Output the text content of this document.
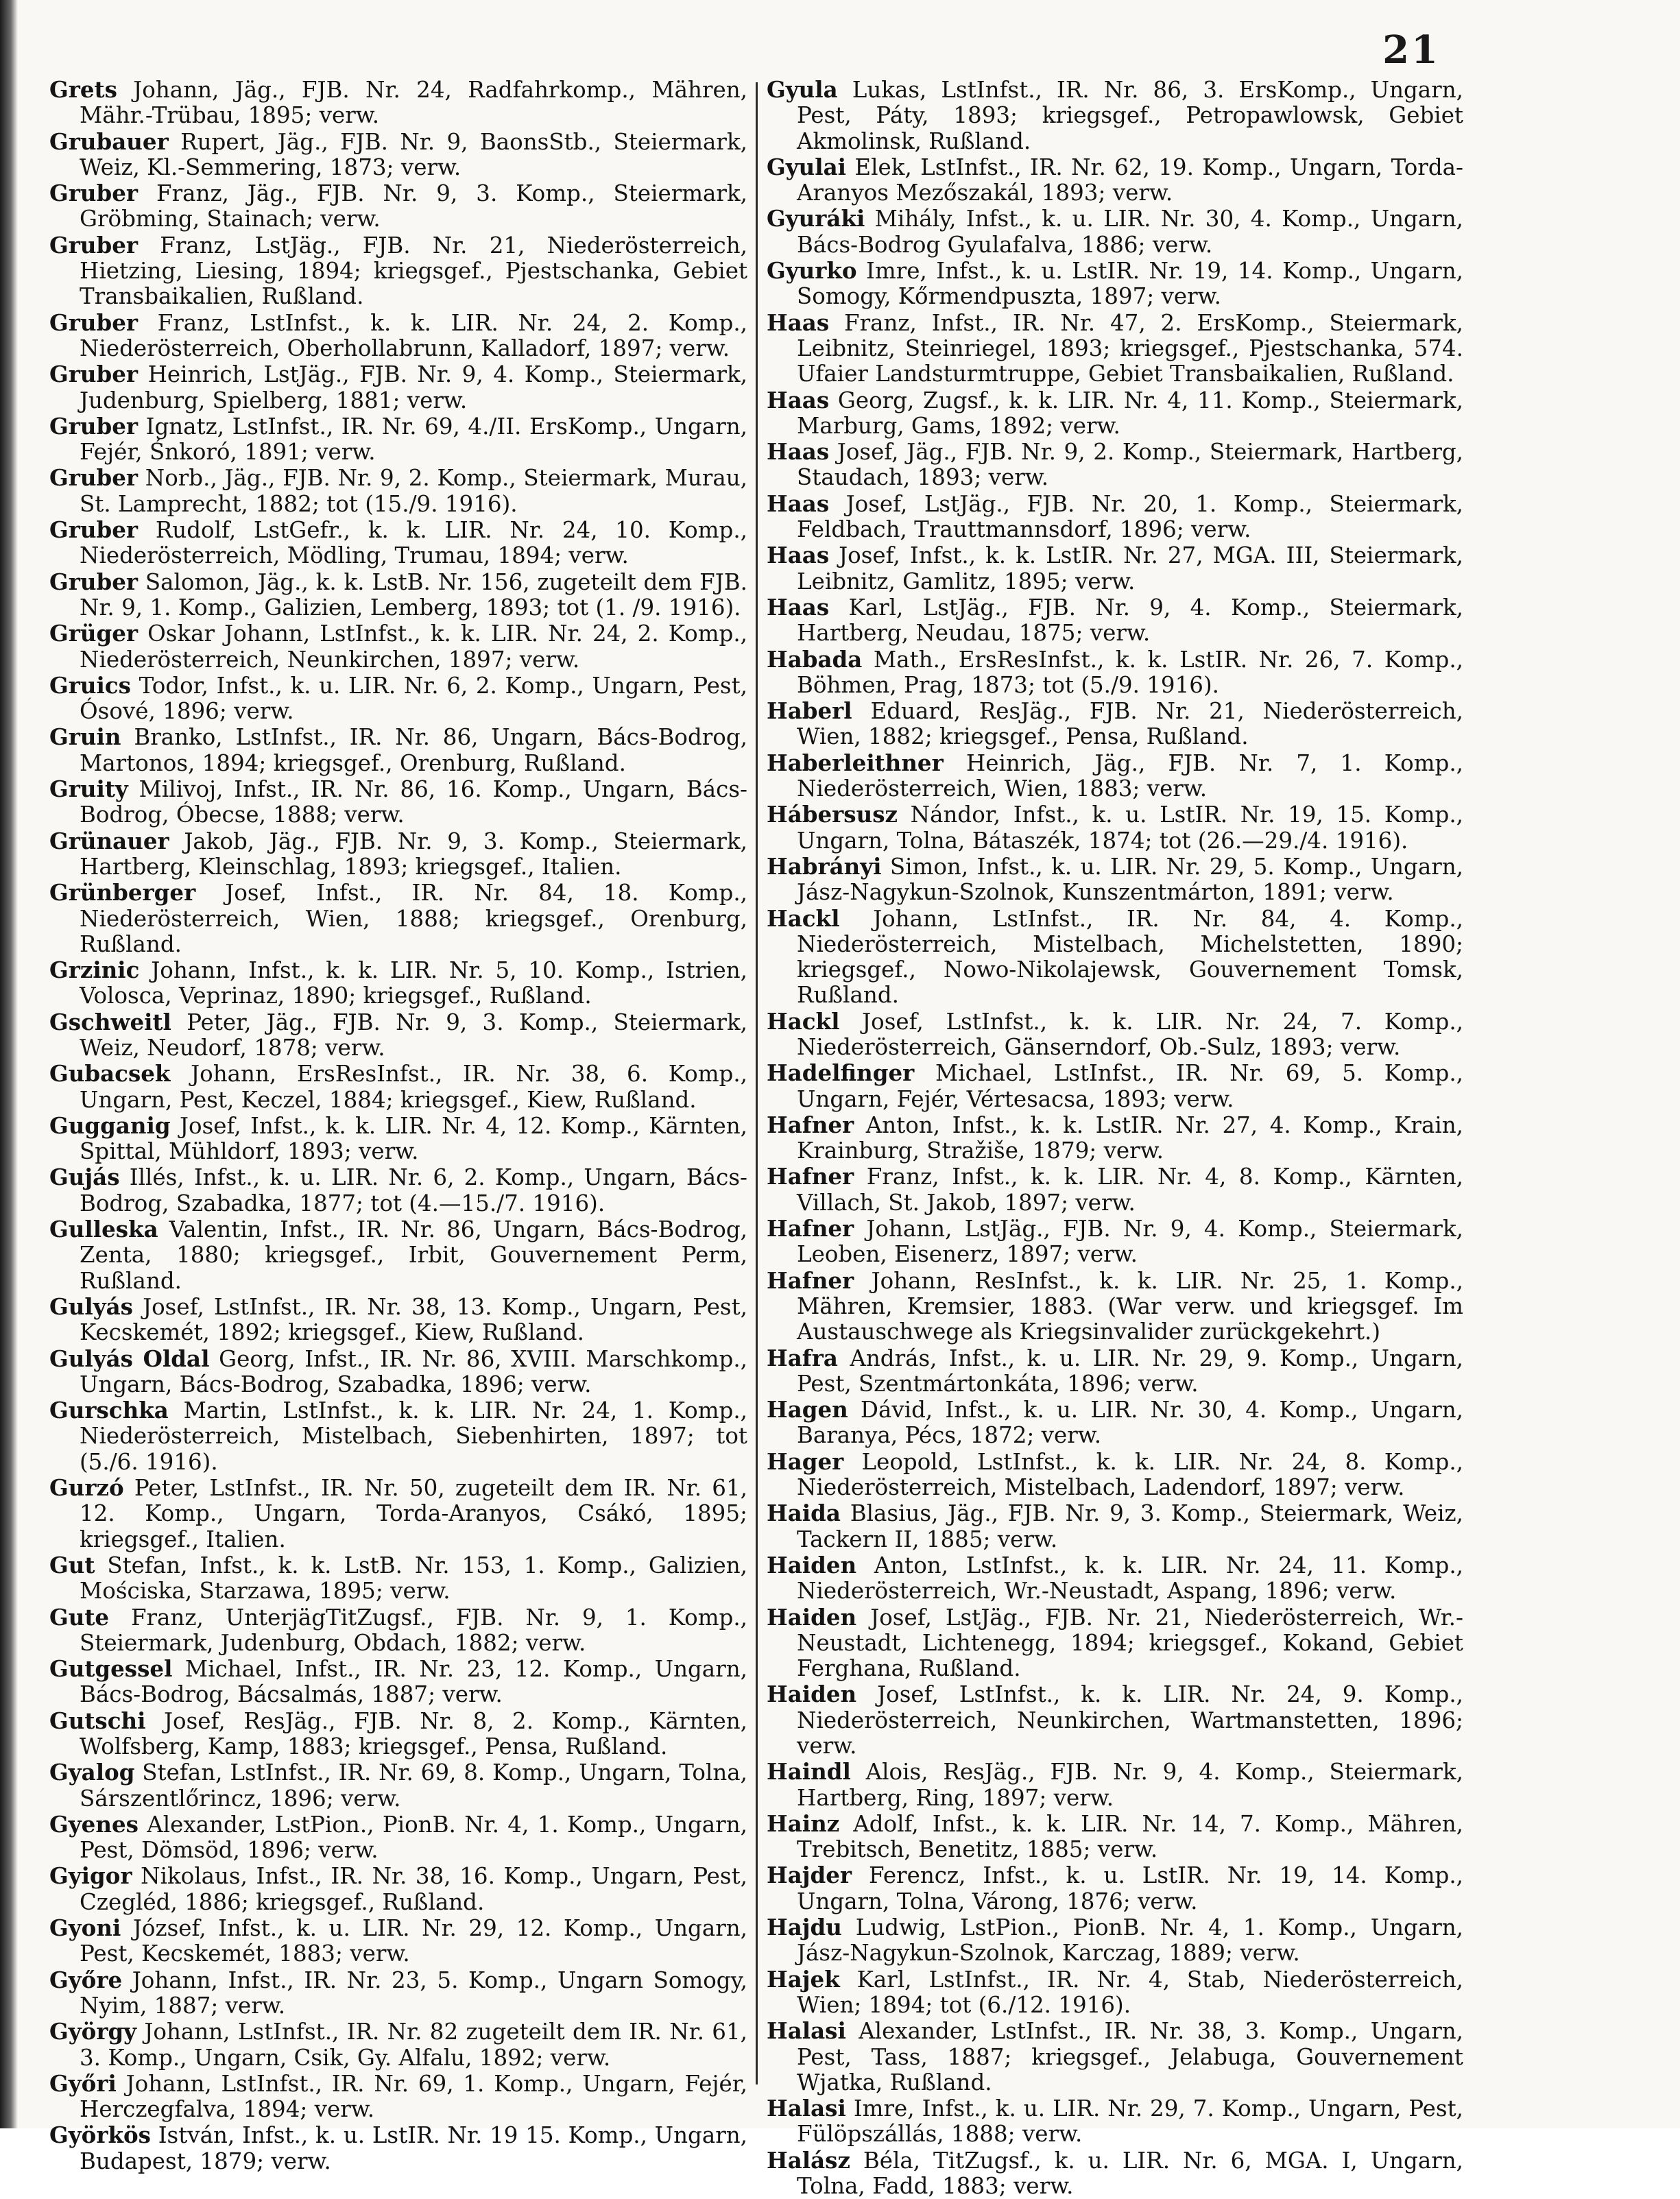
21

Grets Johann, Jäg., FJB. Nr. 24, Radfahrkomp., Mähren, Mähr.-Trübau, 1895; verw.

Grubauer Rupert, Jäg., FJB. Nr. 9, BaonsStb., Steiermark, Weiz, Kl.-Semmering, 1873; verw.

Gruber Franz, Jäg., FJB. Nr. 9, 3. Komp., Steiermark, Gröbming, Stainach; verw.

Gruber Franz, LstJäg., FJB. Nr. 21, Niederösterreich, Hietzing, Liesing, 1894; kriegsgef., Pjestschanka, Gebiet Transbaikalien, Rußland.

Gruber Franz, LstInfst., k. k. LIR. Nr. 24, 2. Komp., Niederösterreich, Oberhollabrunn, Kalladorf, 1897; verw.

Gruber Heinrich, LstJäg., FJB. Nr. 9, 4. Komp., Steiermark, Judenburg, Spielberg, 1881; verw.

Gruber Ignatz, LstInfst., IR. Nr. 69, 4./II. ErsKomp., Ungarn, Fejér, Śnkoró, 1891; verw.

Gruber Norb., Jäg., FJB. Nr. 9, 2. Komp., Steiermark, Murau, St. Lamprecht, 1882; tot (15./9. 1916).

Gruber Rudolf, LstGefr., k. k. LIR. Nr. 24, 10. Komp., Niederösterreich, Mödling, Trumau, 1894; verw.

Gruber Salomon, Jäg., k. k. LstB. Nr. 156, zugeteilt dem FJB. Nr. 9, 1. Komp., Galizien, Lemberg, 1893; tot (1. /9. 1916).

Grüger Oskar Johann, LstInfst., k. k. LIR. Nr. 24, 2. Komp., Niederösterreich, Neunkirchen, 1897; verw.

Gruics Todor, Infst., k. u. LIR. Nr. 6, 2. Komp., Ungarn, Pest, Ósové, 1896; verw.

Gruin Branko, LstInfst., IR. Nr. 86, Ungarn, Bács-Bodrog, Martonos, 1894; kriegsgef., Orenburg, Rußland.

Gruity Milivoj, Infst., IR. Nr. 86, 16. Komp., Ungarn, Bács-Bodrog, Óbecse, 1888; verw.

Grünauer Jakob, Jäg., FJB. Nr. 9, 3. Komp., Steiermark, Hartberg, Kleinschlag, 1893; kriegsgef., Italien.

Grünberger Josef, Infst., IR. Nr. 84, 18. Komp., Niederösterreich, Wien, 1888; kriegsgef., Orenburg, Rußland.

Grzinic Johann, Infst., k. k. LIR. Nr. 5, 10. Komp., Istrien, Volosca, Veprinaz, 1890; kriegsgef., Rußland.

Gschweitl Peter, Jäg., FJB. Nr. 9, 3. Komp., Steiermark, Weiz, Neudorf, 1878; verw.

Gubacsek Johann, ErsResInfst., IR. Nr. 38, 6. Komp., Ungarn, Pest, Keczel, 1884; kriegsgef., Kiew, Rußland.

Gugganig Josef, Infst., k. k. LIR. Nr. 4, 12. Komp., Kärnten, Spittal, Mühldorf, 1893; verw.

Gujás Illés, Infst., k. u. LIR. Nr. 6, 2. Komp., Ungarn, Bács-Bodrog, Szabadka, 1877; tot (4.—15./7. 1916).

Gulleska Valentin, Infst., IR. Nr. 86, Ungarn, Bács-Bodrog, Zenta, 1880; kriegsgef., Irbit, Gouvernement Perm, Rußland.

Gulyás Josef, LstInfst., IR. Nr. 38, 13. Komp., Ungarn, Pest, Kecskemét, 1892; kriegsgef., Kiew, Rußland.

Gulyás Oldal Georg, Infst., IR. Nr. 86, XVIII. Marschkomp., Ungarn, Bács-Bodrog, Szabadka, 1896; verw.

Gurschka Martin, LstInfst., k. k. LIR. Nr. 24, 1. Komp., Niederösterreich, Mistelbach, Siebenhirten, 1897; tot (5./6. 1916).

Gurzó Peter, LstInfst., IR. Nr. 50, zugeteilt dem IR. Nr. 61, 12. Komp., Ungarn, Torda-Aranyos, Csákó, 1895; kriegsgef., Italien.

Gut Stefan, Infst., k. k. LstB. Nr. 153, 1. Komp., Galizien, Mościska, Starzawa, 1895; verw.

Gute Franz, UnterjägTitZugsf., FJB. Nr. 9, 1. Komp., Steiermark, Judenburg, Obdach, 1882; verw.

Gutgessel Michael, Infst., IR. Nr. 23, 12. Komp., Ungarn, Bács-Bodrog, Bácsalmás, 1887; verw.

Gutschi Josef, ResJäg., FJB. Nr. 8, 2. Komp., Kärnten, Wolfsberg, Kamp, 1883; kriegsgef., Pensa, Rußland.

Gyalog Stefan, LstInfst., IR. Nr. 69, 8. Komp., Ungarn, Tolna, Sárszentlőrincz, 1896; verw.

Gyenes Alexander, LstPion., PionB. Nr. 4, 1. Komp., Ungarn, Pest, Dömsöd, 1896; verw.

Gyigor Nikolaus, Infst., IR. Nr. 38, 16. Komp., Ungarn, Pest, Czegléd, 1886; kriegsgef., Rußland.

Gyoni József, Infst., k. u. LIR. Nr. 29, 12. Komp., Ungarn, Pest, Kecskemét, 1883; verw.

Győre Johann, Infst., IR. Nr. 23, 5. Komp., Ungarn Somogy, Nyim, 1887; verw.

György Johann, LstInfst., IR. Nr. 82 zugeteilt dem IR. Nr. 61, 3. Komp., Ungarn, Csik, Gy. Alfalu, 1892; verw.

Győri Johann, LstInfst., IR. Nr. 69, 1. Komp., Ungarn, Fejér, Herczegfalva, 1894; verw.

Györkös István, Infst., k. u. LstIR. Nr. 19 15. Komp., Ungarn, Budapest, 1879; verw.

Gyula Lukas, LstInfst., IR. Nr. 86, 3. ErsKomp., Ungarn, Pest, Páty, 1893; kriegsgef., Petropawlowsk, Gebiet Akmolinsk, Rußland.

Gyulai Elek, LstInfst., IR. Nr. 62, 19. Komp., Ungarn, Torda-Aranyos Mezőszakál, 1893; verw.

Gyuráki Mihály, Infst., k. u. LIR. Nr. 30, 4. Komp., Ungarn, Bács-Bodrog Gyulafalva, 1886; verw.

Gyurko Imre, Infst., k. u. LstIR. Nr. 19, 14. Komp., Ungarn, Somogy, Kőrmendpuszta, 1897; verw.

Haas Franz, Infst., IR. Nr. 47, 2. ErsKomp., Steiermark, Leibnitz, Steinriegel, 1893; kriegsgef., Pjestschanka, 574. Ufaier Landsturmtruppe, Gebiet Transbaikalien, Rußland.

Haas Georg, Zugsf., k. k. LIR. Nr. 4, 11. Komp., Steiermark, Marburg, Gams, 1892; verw.

Haas Josef, Jäg., FJB. Nr. 9, 2. Komp., Steiermark, Hartberg, Staudach, 1893; verw.

Haas Josef, LstJäg., FJB. Nr. 20, 1. Komp., Steiermark, Feldbach, Trauttmannsdorf, 1896; verw.

Haas Josef, Infst., k. k. LstIR. Nr. 27, MGA. III, Steiermark, Leibnitz, Gamlitz, 1895; verw.

Haas Karl, LstJäg., FJB. Nr. 9, 4. Komp., Steiermark, Hartberg, Neudau, 1875; verw.

Habada Math., ErsResInfst., k. k. LstIR. Nr. 26, 7. Komp., Böhmen, Prag, 1873; tot (5./9. 1916).

Haberl Eduard, ResJäg., FJB. Nr. 21, Niederösterreich, Wien, 1882; kriegsgef., Pensa, Rußland.

Haberleithner Heinrich, Jäg., FJB. Nr. 7, 1. Komp., Niederösterreich, Wien, 1883; verw.

Hábersusz Nándor, Infst., k. u. LstIR. Nr. 19, 15. Komp., Ungarn, Tolna, Bátaszék, 1874; tot (26.—29./4. 1916).

Habrányi Simon, Infst., k. u. LIR. Nr. 29, 5. Komp., Ungarn, Jász-Nagykun-Szolnok, Kunszentmárton, 1891; verw.

Hackl Johann, LstInfst., IR. Nr. 84, 4. Komp., Niederösterreich, Mistelbach, Michelstetten, 1890; kriegsgef., Nowo-Nikolajewsk, Gouvernement Tomsk, Rußland.

Hackl Josef, LstInfst., k. k. LIR. Nr. 24, 7. Komp., Niederösterreich, Gänserndorf, Ob.-Sulz, 1893; verw.

Hadelfinger Michael, LstInfst., IR. Nr. 69, 5. Komp., Ungarn, Fejér, Vértesacsa, 1893; verw.

Hafner Anton, Infst., k. k. LstIR. Nr. 27, 4. Komp., Krain, Krainburg, Stražiše, 1879; verw.

Hafner Franz, Infst., k. k. LIR. Nr. 4, 8. Komp., Kärnten, Villach, St. Jakob, 1897; verw.

Hafner Johann, LstJäg., FJB. Nr. 9, 4. Komp., Steiermark, Leoben, Eisenerz, 1897; verw.

Hafner Johann, ResInfst., k. k. LIR. Nr. 25, 1. Komp., Mähren, Kremsier, 1883. (War verw. und kriegsgef. Im Austauschwege als Kriegsinvalider zurückgekehrt.)

Hafra András, Infst., k. u. LIR. Nr. 29, 9. Komp., Ungarn, Pest, Szentmártonkáta, 1896; verw.

Hagen Dávid, Infst., k. u. LIR. Nr. 30, 4. Komp., Ungarn, Baranya, Pécs, 1872; verw.

Hager Leopold, LstInfst., k. k. LIR. Nr. 24, 8. Komp., Niederösterreich, Mistelbach, Ladendorf, 1897; verw.

Haida Blasius, Jäg., FJB. Nr. 9, 3. Komp., Steiermark, Weiz, Tackern II, 1885; verw.

Haiden Anton, LstInfst., k. k. LIR. Nr. 24, 11. Komp., Niederösterreich, Wr.-Neustadt, Aspang, 1896; verw.

Haiden Josef, LstJäg., FJB. Nr. 21, Niederösterreich, Wr.-Neustadt, Lichtenegg, 1894; kriegsgef., Kokand, Gebiet Ferghana, Rußland.

Haiden Josef, LstInfst., k. k. LIR. Nr. 24, 9. Komp., Niederösterreich, Neunkirchen, Wartmanstetten, 1896; verw.

Haindl Alois, ResJäg., FJB. Nr. 9, 4. Komp., Steiermark, Hartberg, Ring, 1897; verw.

Hainz Adolf, Infst., k. k. LIR. Nr. 14, 7. Komp., Mähren, Trebitsch, Benetitz, 1885; verw.

Hajder Ferencz, Infst., k. u. LstIR. Nr. 19, 14. Komp., Ungarn, Tolna, Várong, 1876; verw.

Hajdu Ludwig, LstPion., PionB. Nr. 4, 1. Komp., Ungarn, Jász-Nagykun-Szolnok, Karczag, 1889; verw.

Hajek Karl, LstInfst., IR. Nr. 4, Stab, Niederösterreich, Wien; 1894; tot (6./12. 1916).

Halasi Alexander, LstInfst., IR. Nr. 38, 3. Komp., Ungarn, Pest, Tass, 1887; kriegsgef., Jelabuga, Gouvernement Wjatka, Rußland.

Halasi Imre, Infst., k. u. LIR. Nr. 29, 7. Komp., Ungarn, Pest, Fülöpszállás, 1888; verw.

Halász Béla, TitZugsf., k. u. LIR. Nr. 6, MGA. I, Ungarn, Tolna, Fadd, 1883; verw.
